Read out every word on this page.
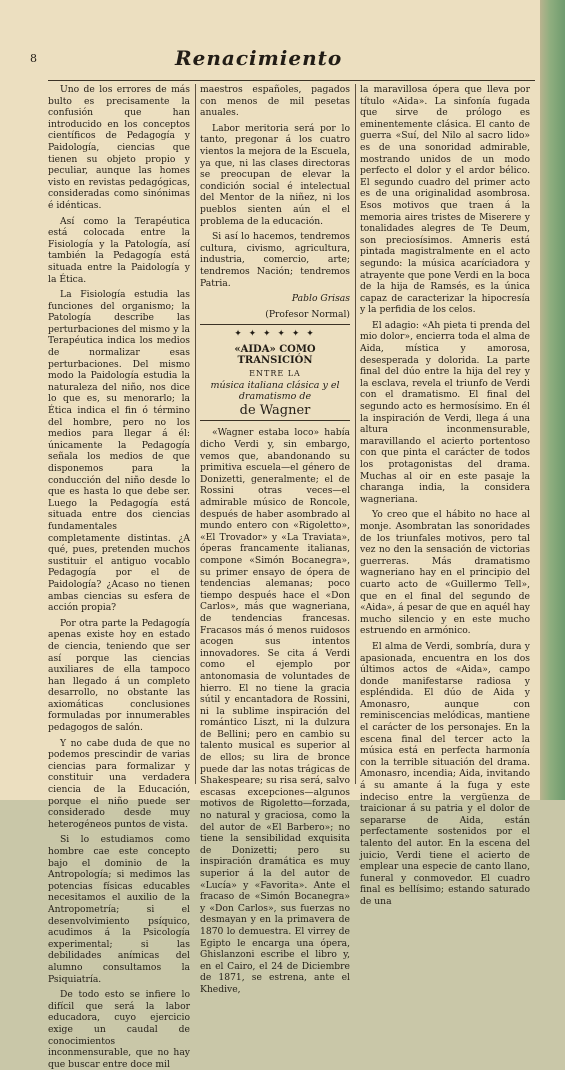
8	Renacimiento

Uno de los errores de más bulto es precisamente la confusión que han introducido en los conceptos científicos de Pedagogía y Paidología, ciencias que tienen su objeto propio y peculiar, aunque las homes visto en revistas pedagógicas, consideradas como sinónimas é idénticas.

Así como la Terapéutica está colocada entre la Fisiología y la Patología, así también la Pedagogía está situada entre la Paidología y la Ética.

La Fisiología estudia las funciones del organismo; la Patología describe las perturbaciones del mismo y la Terapéutica indica los medios de normalizar esas perturbaciones. Del mismo modo la Paidología estudia la naturaleza del niño, nos dice lo que es, su menorarlo; la Ética indica el fin ó término del hombre, pero no los medios para llegar á él: únicamente la Pedagogía señala los medios de que disponemos para la conducción del niño desde lo que es hasta lo que debe ser. Luego la Pedagogía está situada entre dos ciencias fundamentales completamente distintas. ¿A qué, pues, pretenden muchos sustituir el antiguo vocablo Pedagogía por el de Paidología? ¿Acaso no tienen ambas ciencias su esfera de acción propia?

Por otra parte la Pedagogía apenas existe hoy en estado de ciencia, teniendo que ser así porque las ciencias auxiliares de ella tampoco han llegado á un completo desarrollo, no obstante las axiomáticas conclusiones formuladas por innumerables pedagogos de salón.

Y no cabe duda de que no podemos prescindir de varias ciencias para formalizar y constituir una verdadera ciencia de la Educación, porque el niño puede ser considerado desde muy heterogéneos puntos de vista.

Si lo estudiamos como hombre cae este concepto bajo el dominio de la Antropología; si medimos las potencias físicas educables necesitamos el auxilio de la Antropometría; si el desenvolvimiento psíquico, acudimos á la Psicología experimental; si las debilidades anímicas del alumno consultamos la Psiquiatría.

De todo esto se infiere lo difícil que será la labor educadora, cuyo ejercicio exige un caudal de conocimientos inconmensurable, que no hay que buscar entre doce mil

maestros españoles, pagados con menos de mil pesetas anuales.

Labor meritoria será por lo tanto, pregonar á los cuatro vientos la mejora de la Escuela, ya que, ni las clases directoras se preocupan de elevar la condición social é intelectual del Mentor de la niñez, ni los pueblos sienten aún el el problema de la educación.

Si así lo hacemos, tendremos cultura, civismo, agricultura, industria, comercio, arte; tendremos Nación; tendremos Patria.

Pablo Grisas

(Profesor Normal)

✦ ✦ ✦ ✦ ✦ ✦
«AIDA» COMO TRANSICIÓN
ENTRE LA
música italiana clásica y el dramatismo de
de Wagner

«Wagner estaba loco» había dicho Verdi y, sin embargo, vemos que, abandonando su primitiva escuela—el género de Donizetti, generalmente; el de Rossini otras veces—el admirable músico de Roncole, después de haber asombrado al mundo entero con «Rigoletto», «El Trovador» y «La Traviata», óperas francamente italianas, compone «Simón Bocanegra», su primer ensayo de ópera de tendencias alemanas; poco tiempo después hace el «Don Carlos», más que wagneriana, de tendencias francesas. Fracasos más ó menos ruidosos acogen sus intentos innovadores. Se cita á Verdi como el ejemplo por antonomasia de voluntades de hierro. El no tiene la gracia sútil y encantadora de Rossini, ni la sublime inspiración del romántico Liszt, ni la dulzura de Bellini; pero en cambio su talento musical es superior al de ellos; su lira de bronce puede dar las notas trágicas de Shakespeare; su risa será, salvo escasas excepciones—algunos motivos de Rigoletto—forzada, no natural y graciosa, como la del autor de «El Barbero»; no tiene la sensibilidad exquisita de Donizetti; pero su inspiración dramática es muy superior á la del autor de «Lucía» y «Favorita». Ante el fracaso de «Simón Bocanegra» y «Don Carlos», sus fuerzas no desmayan y en la primavera de 1870 lo demuestra. El virrey de Egipto le encarga una ópera, Ghislanzoni escribe el libro y, en el Cairo, el 24 de Diciembre de 1871, se estrena, ante el Khedive,

la maravillosa ópera que lleva por título «Aida». La sinfonía fugada que sirve de prólogo es eminentemente clásica. El canto de guerra «Suí, del Nilo al sacro lido» es de una sonoridad admirable, mostrando unidos de un modo perfecto el dolor y el ardor bélico. El segundo cuadro del primer acto es de una originalidad asombrosa. Esos motivos que traen á la memoria aires tristes de Miserere y tonalidades alegres de Te Deum, son preciosísimos. Amneris está pintada magistralmente en el acto segundo: la música acaríciadora y atrayente que pone Verdi en la boca de la hija de Ramsés, es la única capaz de caracterizar la hipocresía y la perfidia de los celos.

El adagio: «Ah pieta ti prenda del mio dolor», encierra toda el alma de Aida, mística y amorosa, desesperada y dolorida. La parte final del dúo entre la hija del rey y la esclava, revela el triunfo de Verdi con el dramatismo. El final del segundo acto es hermosísimo. En él la inspiración de Verdi, llega á una altura inconmensurable, maravillando el acierto portentoso con que pinta el carácter de todos los protagonistas del drama. Muchas al oir en este pasaje la charanga india, la considera wagneriana.

Yo creo que el hábito no hace al monje. Asombratan las sonoridades de los triunfales motivos, pero tal vez no den la sensación de victorias guerreras. Más dramatismo wagneriano hay en el principio del cuarto acto de «Guillermo Tell», que en el final del segundo de «Aida», á pesar de que en aquél hay mucho silencio y en este mucho estruendo en armónico.

El alma de Verdi, sombría, dura y apasionada, encuentra en los dos últimos actos de «Aida», campo donde manifestarse radiosa y espléndida. El dúo de Aida y Amonasro, aunque con reminiscencias melódicas, mantiene el carácter de los personajes. En la escena final del tercer acto la música está en perfecta harmonía con la terrible situación del drama. Amonasro, incendia; Aida, invitando á su amante á la fuga y este indeciso entre la vergüenza de traicionar á su patria y el dolor de separarse de Aida, están perfectamente sostenidos por el talento del autor. En la escena del juicio, Verdi tiene el acierto de emplear una especie de canto llano, funeral y conmovedor. El cuadro final es bellísimo; estando saturado de una
